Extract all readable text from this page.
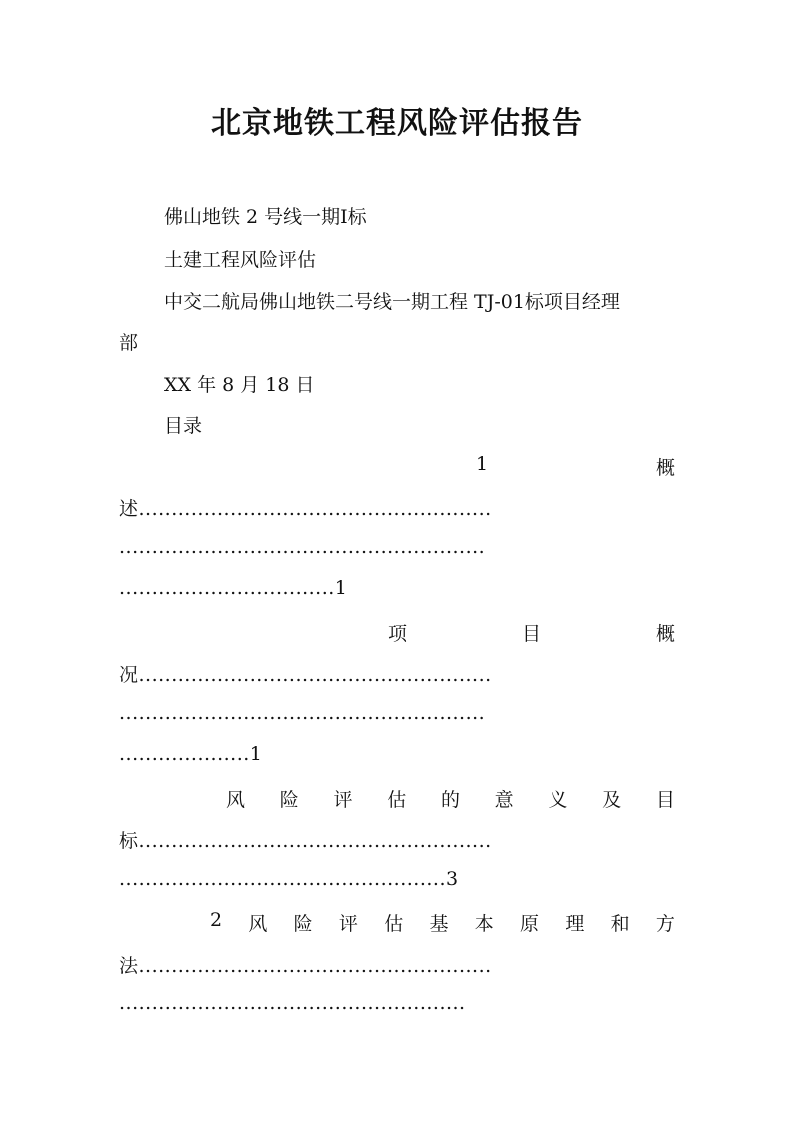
北京地铁工程风险评估报告
佛山地铁 2 号线一期Ⅰ标
土建工程风险评估
中交二航局佛山地铁二号线一期工程 TJ-01标项目经理
部
XX 年 8 月 18 日
目录
1	概
述......................................................
........................................................
.................................1
项	目	概
况......................................................
........................................................
....................1
风 险 评 估 的 意 义 及 目
标......................................................
..................................................3
2 风 险 评 估 基 本 原 理 和 方
法......................................................
.....................................................
